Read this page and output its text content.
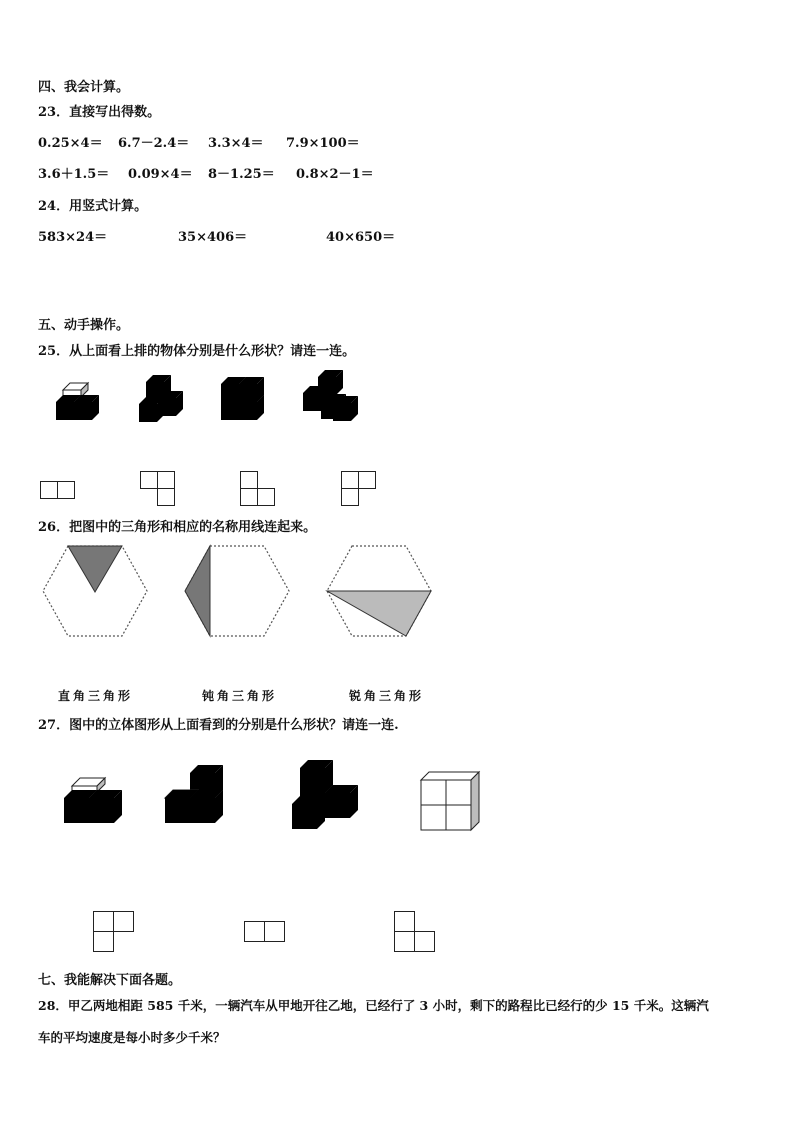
四、我会计算。
23．直接写出得数。
0.25×4＝ 6.7－2.4＝ 3.3×4＝ 7.9×100＝
3.6＋1.5＝ 0.09×4＝ 8－1.25＝ 0.8×2－1＝
24．用竖式计算。
583×24＝	35×406＝	40×650＝
五、动手操作。
25．从上面看上排的物体分别是什么形状？请连一连。
26．把图中的三角形和相应的名称用线连起来。
直角三角形	钝角三角形	锐角三角形
27．图中的立体图形从上面看到的分别是什么形状？请连一连.
七、我能解决下面各题。
28．甲乙两地相距 585 千米，一辆汽车从甲地开往乙地，已经行了 3 小时，剩下的路程比已经行的少 15 千米。这辆汽
车的平均速度是每小时多少千米？
